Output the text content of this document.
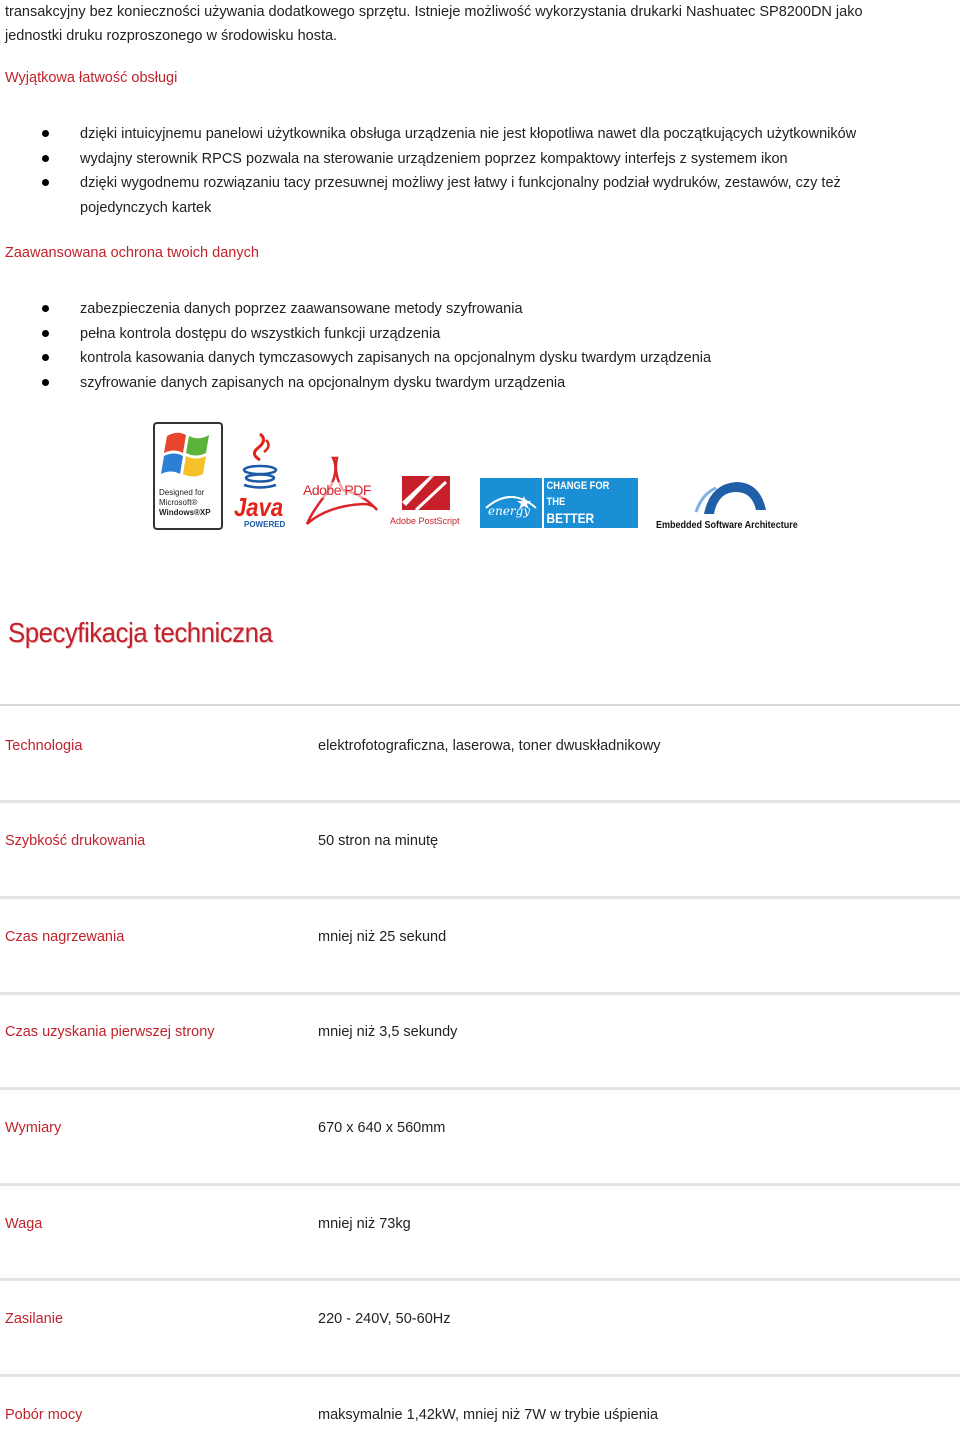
transakcyjny bez konieczności używania dodatkowego sprzętu. Istnieje możliwość wykorzystania drukarki Nashuatec SP8200DN jako
jednostki druku rozproszonego w środowisku hosta.
Wyjątkowa łatwość obsługi
dzięki intuicyjnemu panelowi użytkownika obsługa urządzenia nie jest kłopotliwa nawet dla początkujących użytkowników
wydajny sterownik RPCS pozwala na sterowanie urządzeniem poprzez kompaktowy interfejs z systemem ikon
dzięki wygodnemu rozwiązaniu tacy przesuwnej możliwy jest łatwy i funkcjonalny podział wydruków, zestawów, czy też pojedynczych kartek
Zaawansowana ochrona twoich danych
zabezpieczenia danych poprzez zaawansowane metody szyfrowania
pełna kontrola dostępu do wszystkich funkcji urządzenia
kontrola kasowania danych tymczasowych zapisanych na opcjonalnym dysku twardym urządzenia
szyfrowanie danych zapisanych na opcjonalnym dysku twardym urządzenia
Designed for
Microsoft®
Windows®XP Java
POWERED
Adobe PDF
Adobe PostScript
energy
CHANGE FOR THE
BETTER WITH
ENERGY STAR
Embedded Software Architecture
Specyfikacja techniczna
Technologia	elektrofotograficzna, laserowa, toner dwuskładnikowy
Szybkość drukowania	50 stron na minutę
Czas nagrzewania	mniej niż 25 sekund
Czas uzyskania pierwszej strony	mniej niż 3,5 sekundy
Wymiary	670 x 640 x 560mm
Waga	mniej niż 73kg
Zasilanie	220 - 240V, 50-60Hz
Pobór mocy	maksymalnie 1,42kW, mniej niż 7W w trybie uśpienia
